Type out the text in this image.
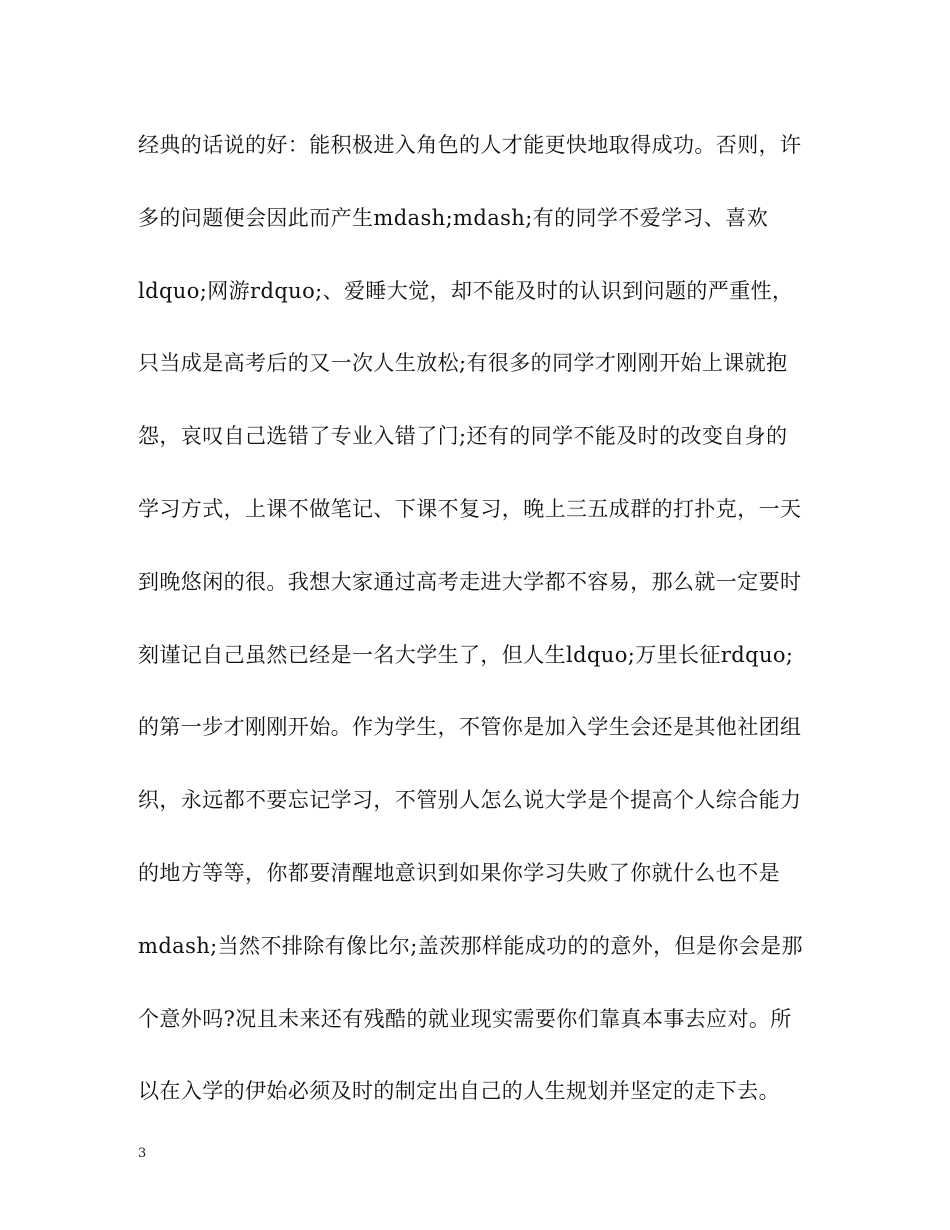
经典的话说的好：能积极进入角色的人才能更快地取得成功。否则，许
多的问题便会因此而产生mdash;mdash;有的同学不爱学习、喜欢
ldquo;网游rdquo;、爱睡大觉，却不能及时的认识到问题的严重性，
只当成是高考后的又一次人生放松;有很多的同学才刚刚开始上课就抱
怨，哀叹自己选错了专业入错了门;还有的同学不能及时的改变自身的
学习方式，上课不做笔记、下课不复习，晚上三五成群的打扑克，一天
到晚悠闲的很。我想大家通过高考走进大学都不容易，那么就一定要时
刻谨记自己虽然已经是一名大学生了，但人生ldquo;万里长征rdquo;
的第一步才刚刚开始。作为学生，不管你是加入学生会还是其他社团组
织，永远都不要忘记学习，不管别人怎么说大学是个提高个人综合能力
的地方等等，你都要清醒地意识到如果你学习失败了你就什么也不是
mdash;当然不排除有像比尔;盖茨那样能成功的的意外，但是你会是那
个意外吗?况且未来还有残酷的就业现实需要你们靠真本事去应对。所
以在入学的伊始必须及时的制定出自己的人生规划并坚定的走下去。
3
